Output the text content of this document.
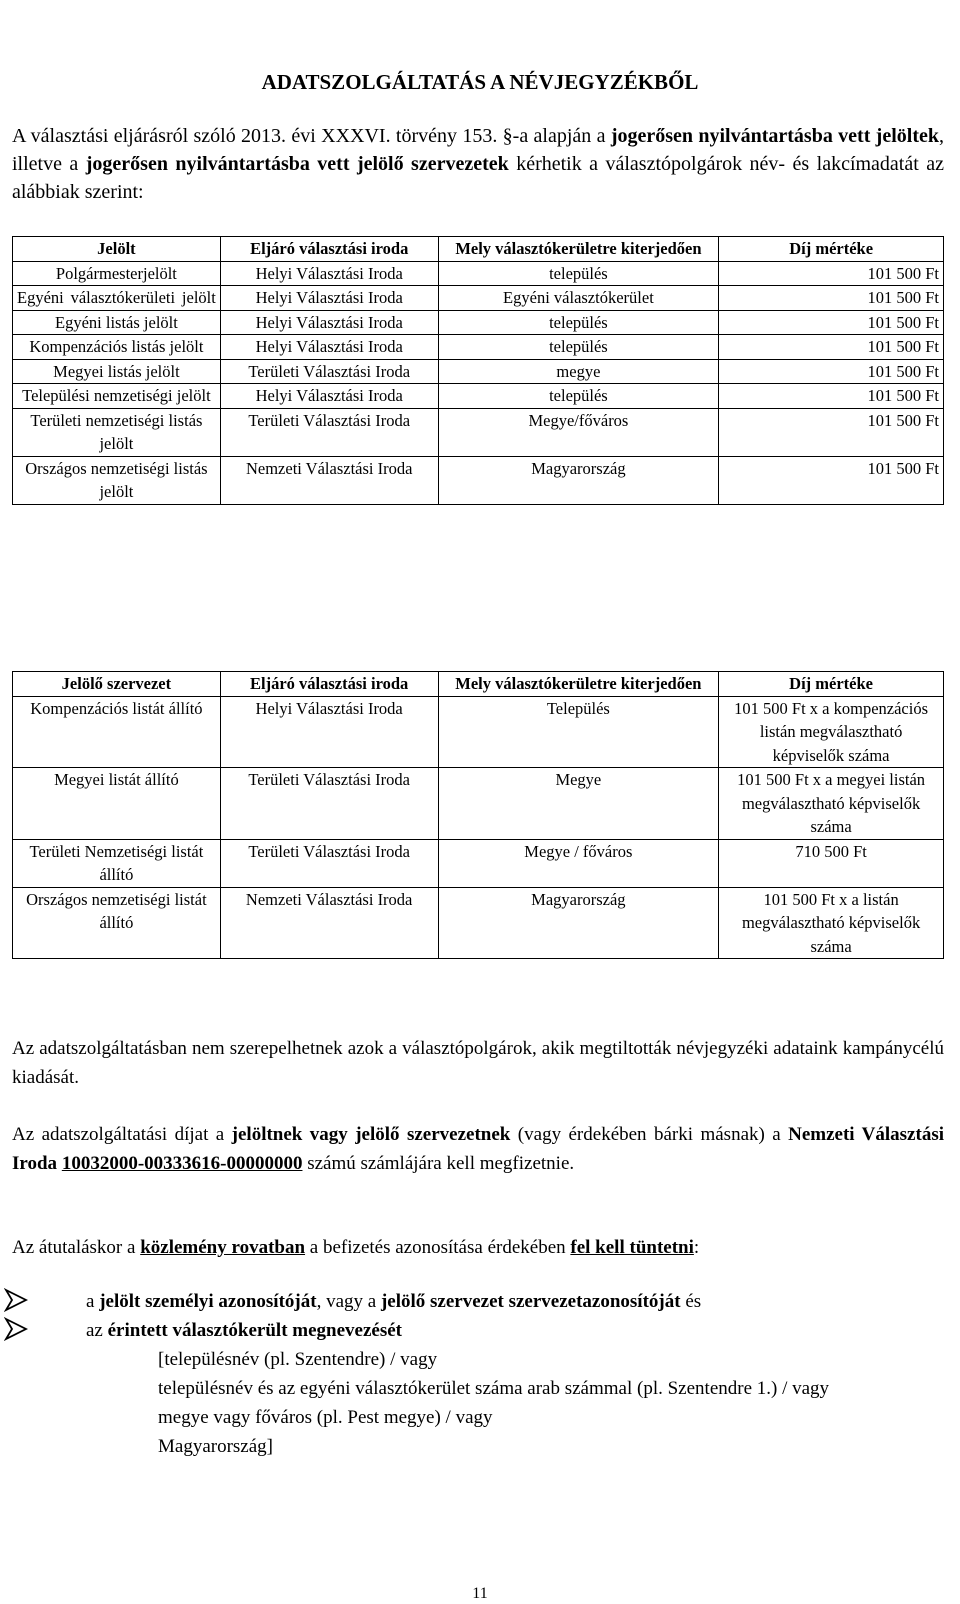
ADATSZOLGÁLTATÁS A NÉVJEGYZÉKBŐL
A választási eljárásról szóló 2013. évi XXXVI. törvény 153. §-a alapján a jogerősen nyilvántartásba vett jelöltek, illetve a jogerősen nyilvántartásba vett jelölő szervezetek kérhetik a választópolgárok név- és lakcímadatát az alábbiak szerint:
Jelölt	Eljáró választási iroda	Mely választókerületre kiterjedően	Díj mértéke
Polgármesterjelölt	Helyi Választási Iroda	település	101 500 Ft
Egyéni választókerületi jelölt	Helyi Választási Iroda	Egyéni választókerület	101 500 Ft
Egyéni listás jelölt	Helyi Választási Iroda	település	101 500 Ft
Kompenzációs listás jelölt	Helyi Választási Iroda	település	101 500 Ft
Megyei listás jelölt	Területi Választási Iroda	megye	101 500 Ft
Települési nemzetiségi jelölt	Helyi Választási Iroda	település	101 500 Ft
Területi nemzetiségi listás jelölt	Területi Választási Iroda	Megye/főváros	101 500 Ft
Országos nemzetiségi listás jelölt	Nemzeti Választási Iroda	Magyarország	101 500 Ft
Jelölő szervezet	Eljáró választási iroda	Mely választókerületre kiterjedően	Díj mértéke
Kompenzációs listát állító	Helyi Választási Iroda	Település	101 500 Ft x a kompenzációs listán megválasztható képviselők száma
Megyei listát állító	Területi Választási Iroda	Megye	101 500 Ft x a megyei listán megválasztható képviselők száma
Területi Nemzetiségi listát állító	Területi Választási Iroda	Megye / főváros	710 500 Ft
Országos nemzetiségi listát állító	Nemzeti Választási Iroda	Magyarország	101 500 Ft x a listán megválasztható képviselők száma
Az adatszolgáltatásban nem szerepelhetnek azok a választópolgárok, akik megtiltották névjegyzéki adataink kampánycélú kiadását.
Az adatszolgáltatási díjat a jelöltnek vagy jelölő szervezetnek (vagy érdekében bárki másnak) a Nemzeti Választási Iroda 10032000-00333616-00000000 számú számlájára kell megfizetnie.
Az átutaláskor a közlemény rovatban a befizetés azonosítása érdekében fel kell tüntetni:
a jelölt személyi azonosítóját, vagy a jelölő szervezet szervezetazonosítóját és
az érintett választókerült megnevezését
[településnév (pl. Szentendre) / vagy
településnév és az egyéni választókerület száma arab számmal (pl. Szentendre 1.) / vagy
megye vagy főváros (pl. Pest megye) / vagy
Magyarország]
11
